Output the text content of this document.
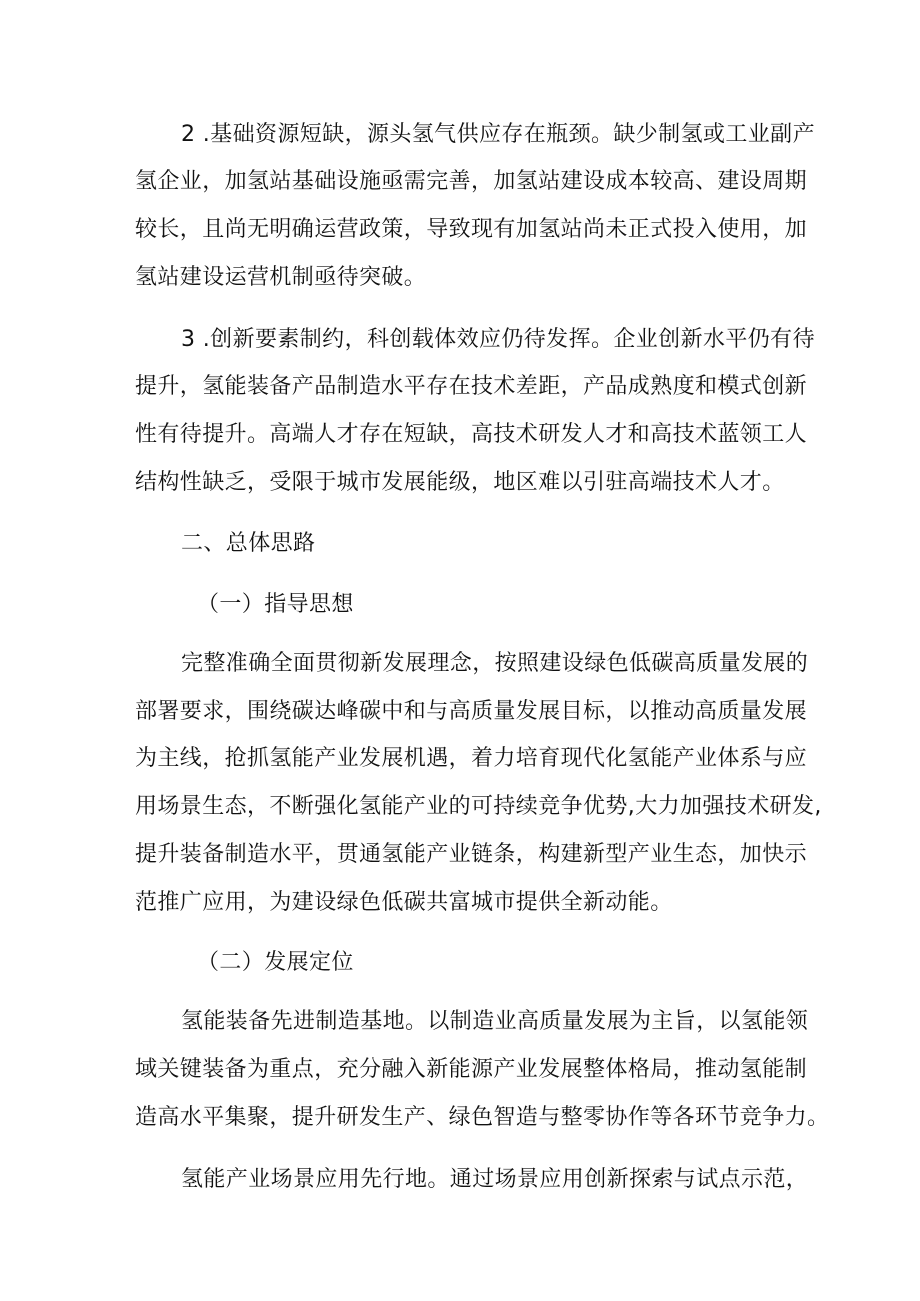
2 .基础资源短缺，源头氢气供应存在瓶颈。缺少制氢或工业副产
氢企业，加氢站基础设施亟需完善，加氢站建设成本较高、建设周期
较长，且尚无明确运营政策，导致现有加氢站尚未正式投入使用，加
氢站建设运营机制亟待突破。
3 .创新要素制约，科创载体效应仍待发挥。企业创新水平仍有待
提升，氢能装备产品制造水平存在技术差距，产品成熟度和模式创新
性有待提升。高端人才存在短缺，高技术研发人才和高技术蓝领工人
结构性缺乏，受限于城市发展能级，地区难以引驻高端技术人才。
二、总体思路
（一）指导思想
完整准确全面贯彻新发展理念，按照建设绿色低碳高质量发展的
部署要求，围绕碳达峰碳中和与高质量发展目标，以推动高质量发展
为主线，抢抓氢能产业发展机遇，着力培育现代化氢能产业体系与应
用场景生态，不断强化氢能产业的可持续竞争优势,大力加强技术研发,
提升装备制造水平，贯通氢能产业链条，构建新型产业生态，加快示
范推广应用，为建设绿色低碳共富城市提供全新动能。
（二）发展定位
氢能装备先进制造基地。以制造业高质量发展为主旨，以氢能领
域关键装备为重点，充分融入新能源产业发展整体格局，推动氢能制
造高水平集聚，提升研发生产、绿色智造与整零协作等各环节竞争力。
氢能产业场景应用先行地。通过场景应用创新探索与试点示范，
